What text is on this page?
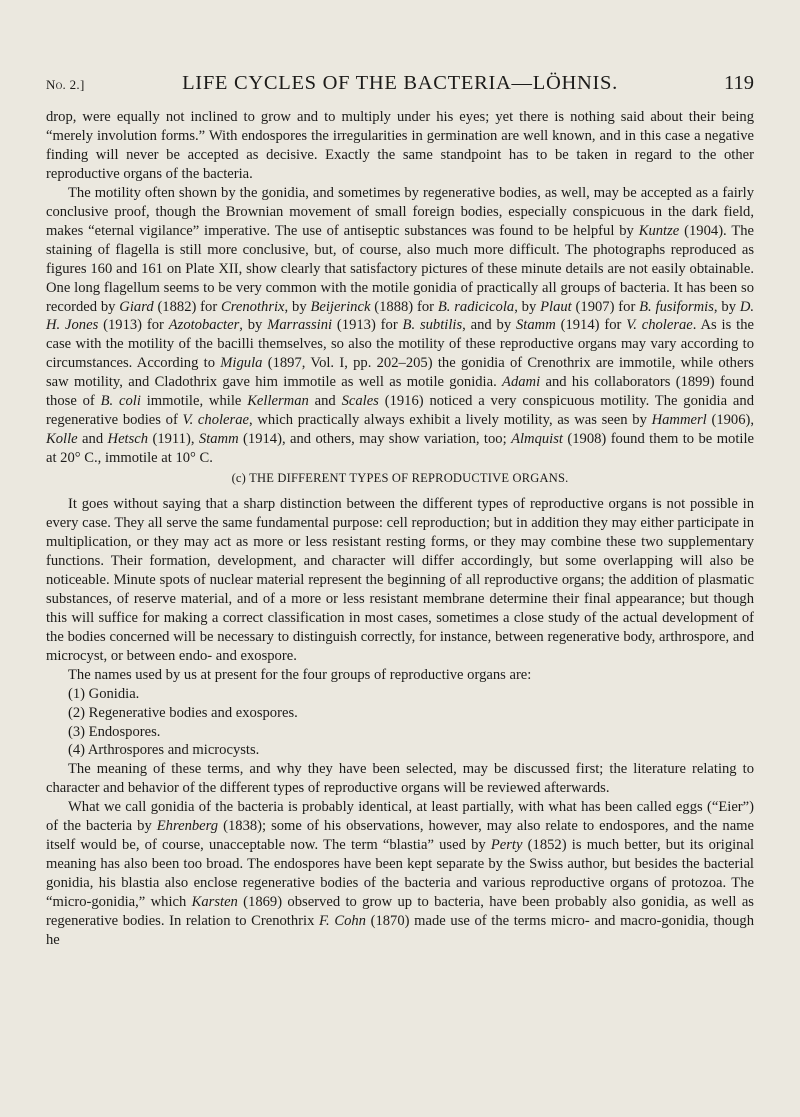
No. 2.]	LIFE CYCLES OF THE BACTERIA—LÖHNIS.	119

drop, were equally not inclined to grow and to multiply under his eyes; yet there is nothing said about their being “merely involution forms.” With endospores the irregularities in germination are well known, and in this case a negative finding will never be accepted as decisive. Exactly the same standpoint has to be taken in regard to the other reproductive organs of the bacteria.

The motility often shown by the gonidia, and sometimes by regenerative bodies, as well, may be accepted as a fairly conclusive proof, though the Brownian movement of small foreign bodies, especially conspicuous in the dark field, makes “eternal vigilance” imperative. The use of antiseptic substances was found to be helpful by Kuntze (1904). The staining of flagella is still more conclusive, but, of course, also much more difficult. The photographs reproduced as figures 160 and 161 on Plate XII, show clearly that satisfactory pictures of these minute details are not easily obtainable. One long flagellum seems to be very common with the motile gonidia of practically all groups of bacteria. It has been so recorded by Giard (1882) for Crenothrix, by Beijerinck (1888) for B. radicicola, by Plaut (1907) for B. fusiformis, by D. H. Jones (1913) for Azotobacter, by Marrassini (1913) for B. subtilis, and by Stamm (1914) for V. cholerae. As is the case with the motility of the bacilli themselves, so also the motility of these reproductive organs may vary according to circumstances. According to Migula (1897, Vol. I, pp. 202–205) the gonidia of Crenothrix are immotile, while others saw motility, and Cladothrix gave him immotile as well as motile gonidia. Adami and his collaborators (1899) found those of B. coli immotile, while Kellerman and Scales (1916) noticed a very conspicuous motility. The gonidia and regenerative bodies of V. cholerae, which practically always exhibit a lively motility, as was seen by Hammerl (1906), Kolle and Hetsch (1911), Stamm (1914), and others, may show variation, too; Almquist (1908) found them to be motile at 20° C., immotile at 10° C.

(c) THE DIFFERENT TYPES OF REPRODUCTIVE ORGANS.

It goes without saying that a sharp distinction between the different types of reproductive organs is not possible in every case. They all serve the same fundamental purpose: cell reproduction; but in addition they may either participate in multiplication, or they may act as more or less resistant resting forms, or they may combine these two supplementary functions. Their formation, development, and character will differ accordingly, but some overlapping will also be noticeable. Minute spots of nuclear material represent the beginning of all reproductive organs; the addition of plasmatic substances, of reserve material, and of a more or less resistant membrane determine their final appearance; but though this will suffice for making a correct classification in most cases, sometimes a close study of the actual development of the bodies concerned will be necessary to distinguish correctly, for instance, between regenerative body, arthrospore, and microcyst, or between endo- and exospore.

The names used by us at present for the four groups of reproductive organs are:

(1) Gonidia.

(2) Regenerative bodies and exospores.

(3) Endospores.

(4) Arthrospores and microcysts.

The meaning of these terms, and why they have been selected, may be discussed first; the literature relating to character and behavior of the different types of reproductive organs will be reviewed afterwards.

What we call gonidia of the bacteria is probably identical, at least partially, with what has been called eggs (“Eier”) of the bacteria by Ehrenberg (1838); some of his observations, however, may also relate to endospores, and the name itself would be, of course, unacceptable now. The term “blastia” used by Perty (1852) is much better, but its original meaning has also been too broad. The endospores have been kept separate by the Swiss author, but besides the bacterial gonidia, his blastia also enclose regenerative bodies of the bacteria and various reproductive organs of protozoa. The “micro-gonidia,” which Karsten (1869) observed to grow up to bacteria, have been probably also gonidia, as well as regenerative bodies. In relation to Crenothrix F. Cohn (1870) made use of the terms micro- and macro-gonidia, though he
